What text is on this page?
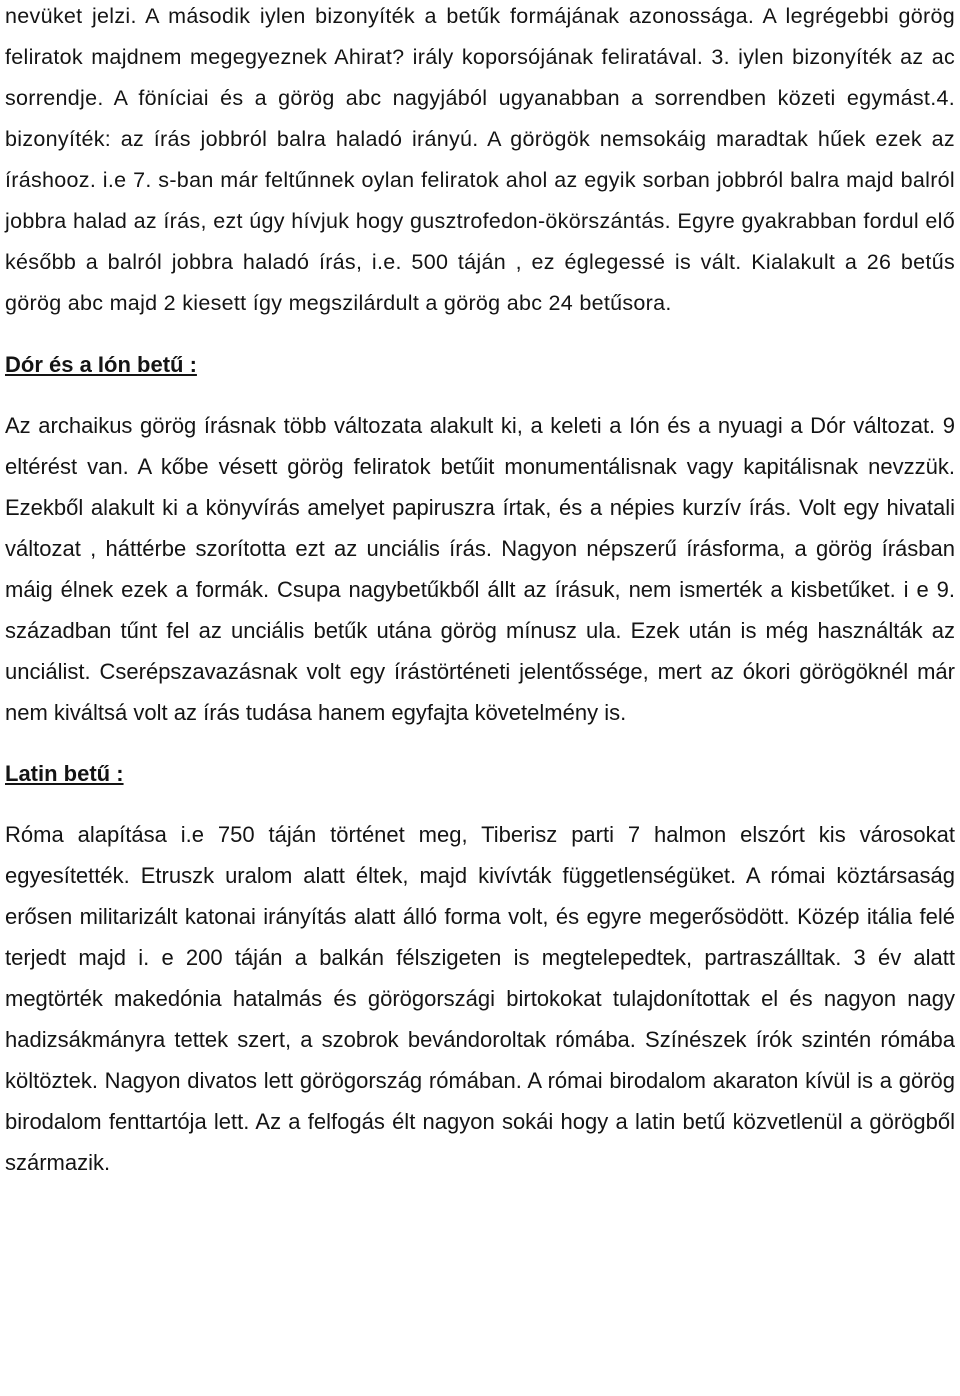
nevüket jelzi. A második iylen bizonyíték a betűk formájának azonossága. A legrégebbi görög feliratok majdnem megegyeznek Ahirat? irály koporsójának feliratával. 3. iylen bizonyíték az ac sorrendje. A föníciai és a görög abc nagyjából ugyanabban a sorrendben közeti egymást.4. bizonyíték: az írás jobbról balra haladó irányú. A görögök nemsokáig maradtak hűek ezek az íráshooz. i.e 7. s-ban már feltűnnek oylan feliratok ahol az egyik sorban jobbról balra majd balról jobbra halad az írás, ezt úgy hívjuk hogy gusztrofedon-ökörszántás. Egyre gyakrabban fordul elő később a balról jobbra haladó írás, i.e. 500 táján , ez églegessé is vált. Kialakult a 26 betűs görög abc majd 2 kiesett így megszilárdult a görög abc 24 betűsora.

Dór és a Ión betű :

Az archaikus görög írásnak több változata alakult ki, a keleti a Ión és a nyuagi a Dór változat. 9 eltérést van. A kőbe vésett görög feliratok betűit monumentálisnak vagy kapitálisnak nevzzük. Ezekből alakult ki a könyvírás amelyet papiruszra írtak, és a népies kurzív írás. Volt egy hivatali változat , háttérbe szorította ezt az unciális írás. Nagyon népszerű írásforma, a görög írásban máig élnek ezek a formák. Csupa nagybetűkből állt az írásuk, nem ismerték a kisbetűket. i e 9. században tűnt fel az unciális betűk utána görög mínusz ula. Ezek után is még használták az unciálist. Cserépszavazásnak volt egy írástörténeti jelentőssége, mert az ókori görögöknél már nem kiváltsá volt az írás tudása hanem egyfajta követelmény is.

Latin betű :

Róma alapítása i.e 750 táján történet meg, Tiberisz parti 7 halmon elszórt kis városokat egyesítették. Etruszk uralom alatt éltek, majd kivívták függetlenségüket. A római köztársaság erősen militarizált katonai irányítás alatt álló forma volt, és egyre megerősödött. Közép itália felé terjedt majd i. e 200 táján a balkán félszigeten is megtelepedtek, partraszálltak. 3 év alatt megtörték makedónia hatalmás és görögországi birtokokat tulajdonítottak el és nagyon nagy hadizsákmányra tettek szert, a szobrok bevándoroltak rómába. Színészek írók szintén rómába költöztek. Nagyon divatos lett görögország rómában. A római birodalom akaraton kívül is a görög birodalom fenttartója lett. Az a felfogás élt nagyon sokái hogy a latin betű közvetlenül a görögből származik.
